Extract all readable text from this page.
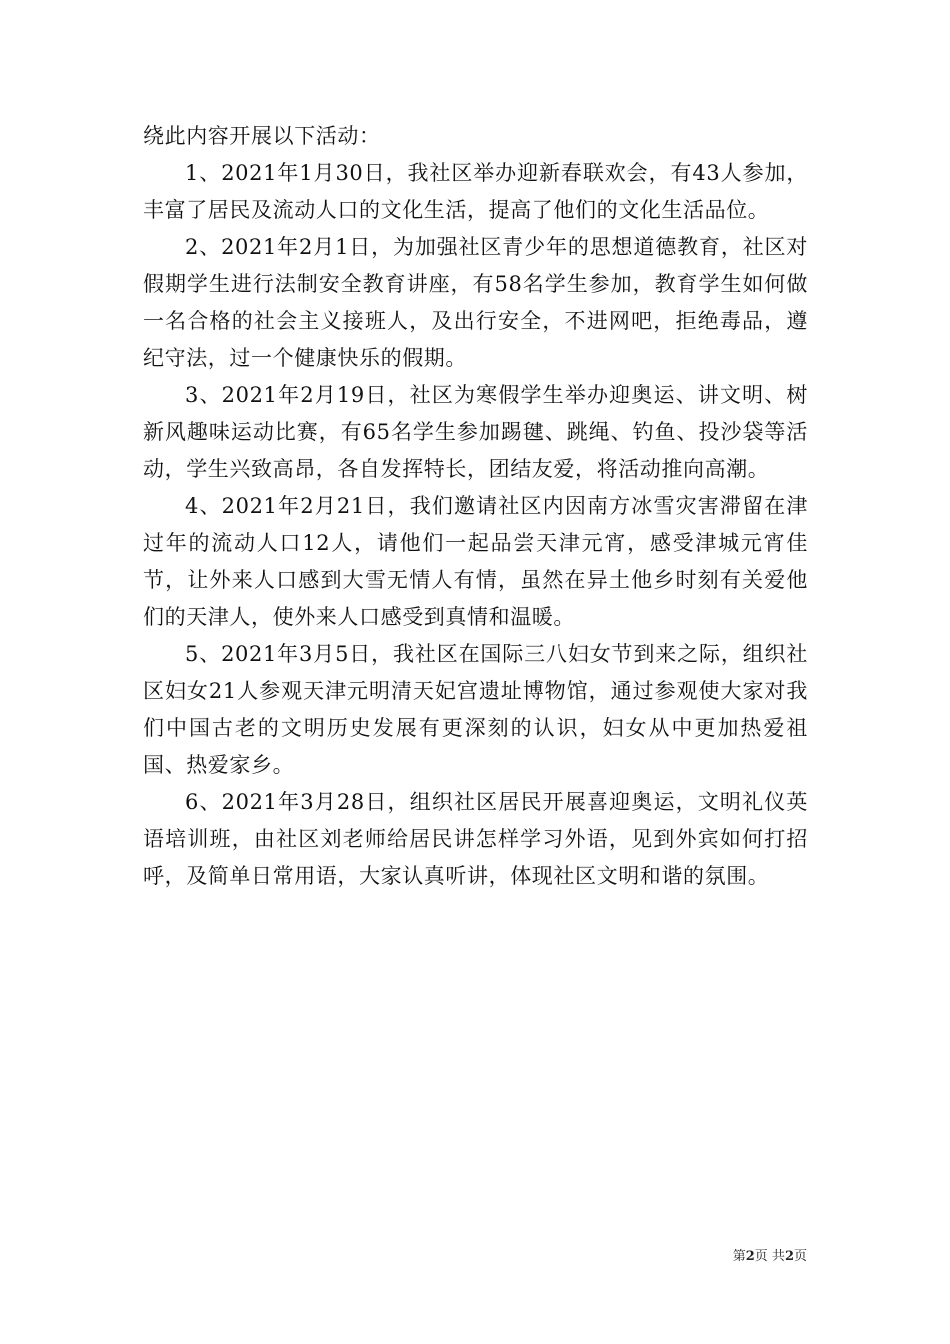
绕此内容开展以下活动：

1、2021年1月30日，我社区举办迎新春联欢会，有43人参加，丰富了居民及流动人口的文化生活，提高了他们的文化生活品位。

2、2021年2月1日，为加强社区青少年的思想道德教育，社区对假期学生进行法制安全教育讲座，有58名学生参加，教育学生如何做一名合格的社会主义接班人，及出行安全，不进网吧，拒绝毒品，遵纪守法，过一个健康快乐的假期。

3、2021年2月19日，社区为寒假学生举办迎奥运、讲文明、树新风趣味运动比赛，有65名学生参加踢毽、跳绳、钓鱼、投沙袋等活动，学生兴致高昂，各自发挥特长，团结友爱，将活动推向高潮。

4、2021年2月21日，我们邀请社区内因南方冰雪灾害滞留在津过年的流动人口12人，请他们一起品尝天津元宵，感受津城元宵佳节，让外来人口感到大雪无情人有情，虽然在异土他乡时刻有关爱他们的天津人，使外来人口感受到真情和温暖。

5、2021年3月5日，我社区在国际三八妇女节到来之际，组织社区妇女21人参观天津元明清天妃宫遗址博物馆，通过参观使大家对我们中国古老的文明历史发展有更深刻的认识，妇女从中更加热爱祖国、热爱家乡。

6、2021年3月28日，组织社区居民开展喜迎奥运，文明礼仪英语培训班，由社区刘老师给居民讲怎样学习外语，见到外宾如何打招呼，及简单日常用语，大家认真听讲，体现社区文明和谐的氛围。

第2页 共2页
